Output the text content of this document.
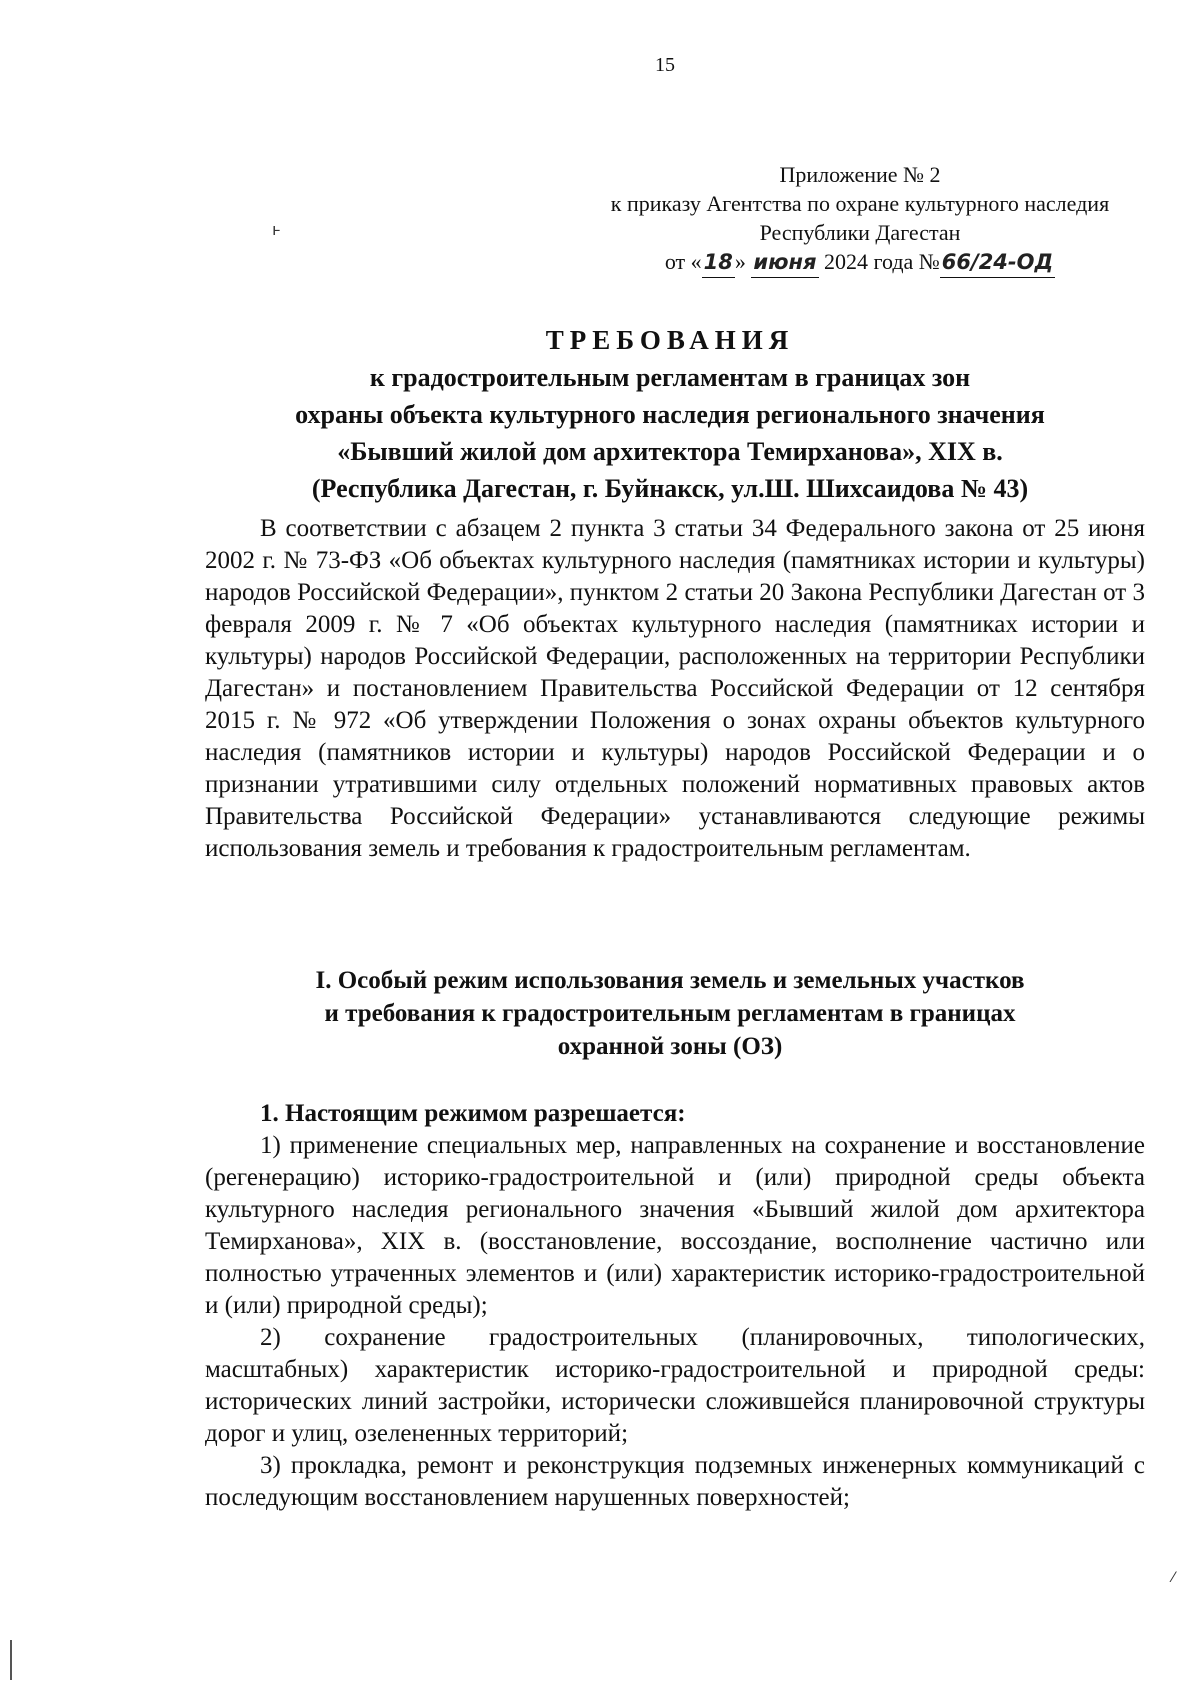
15
Приложение № 2
к приказу Агентства по охране культурного наследия
Республики Дагестан
от «18» июня 2024 года №66/24-ОД
ⱶ
ТРЕБОВАНИЯ
к градостроительным регламентам в границах зон
охраны объекта культурного наследия регионального значения
«Бывший жилой дом архитектора Темирханова», XIX в.
(Республика Дагестан, г. Буйнакск, ул.Ш. Шихсаидова № 43)
В соответствии с абзацем 2 пункта 3 статьи 34 Федерального закона от 25 июня 2002 г. № 73-ФЗ «Об объектах культурного наследия (памятниках истории и культуры) народов Российской Федерации», пунктом 2 статьи 20 Закона Республики Дагестан от 3 февраля 2009 г. № 7 «Об объектах культурного наследия (памятниках истории и культуры) народов Российской Федерации, расположенных на территории Республики Дагестан» и постановлением Правительства Российской Федерации от 12 сентября 2015 г. № 972 «Об утверждении Положения о зонах охраны объектов культурного наследия (памятников истории и культуры) народов Российской Федерации и о признании утратившими силу отдельных положений нормативных правовых актов Правительства Российской Федерации» устанавливаются следующие режимы использования земель и требования к градостроительным регламентам.
I. Особый режим использования земель и земельных участков
и требования к градостроительным регламентам в границах
охранной зоны (ОЗ)
1. Настоящим режимом разрешается:

1) применение специальных мер, направленных на сохранение и восстановление (регенерацию) историко-градостроительной и (или) природной среды объекта культурного наследия регионального значения «Бывший жилой дом архитектора Темирханова», XIX в. (восстановление, воссоздание, восполнение частично или полностью утраченных элементов и (или) характеристик историко-градостроительной и (или) природной среды);

2) сохранение градостроительных (планировочных, типологических, масштабных) характеристик историко-градостроительной и природной среды: исторических линий застройки, исторически сложившейся планировочной структуры дорог и улиц, озелененных территорий;

3) прокладка, ремонт и реконструкция подземных инженерных коммуникаций с последующим восстановлением нарушенных поверхностей;

⁄
